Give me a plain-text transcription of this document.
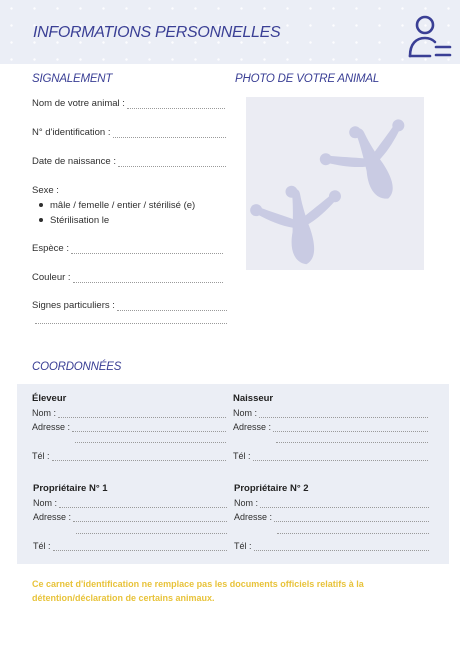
INFORMATIONS PERSONNELLES
SIGNALEMENT
Nom de votre animal :
N° d'identification :
Date de naissance :
Sexe :
mâle / femelle / entier / stérilisé (e)
Stérilisation le
Espèce :
Couleur :
Signes particuliers :
PHOTO DE VOTRE ANIMAL
COORDONNÉES
Éleveur
Nom :
Adresse :
Tél :
Naisseur
Nom :
Adresse :
Tél :
Propriétaire N° 1
Nom :
Adresse :
Tél :
Propriétaire N° 2
Nom :
Adresse :
Tél :
Ce carnet d'identification ne remplace pas les documents officiels relatifs à la détention/déclaration de certains animaux.
